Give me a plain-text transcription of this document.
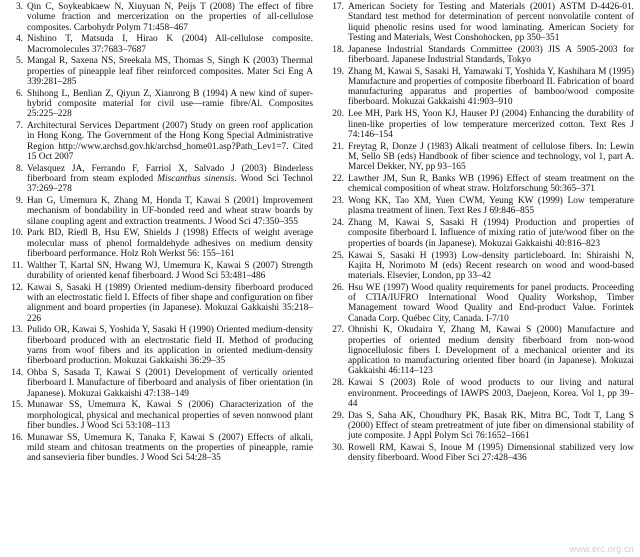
3. Qin C, Soykeabkaew N, Xiuyuan N, Peijs T (2008) The effect of fibre volume fraction and mercerization on the properties of all-cellulose composites. Carbohydr Polym 71:458–467
4. Nishino T, Matsuda I, Hirao K (2004) All-cellulose composite. Macromolecules 37:7683–7687
5. Mangal R, Saxena NS, Sreekala MS, Thomas S, Singh K (2003) Thermal properties of pineapple leaf fiber reinforced composites. Mater Sci Eng A 339:281–285
6. Shihong L, Benlian Z, Qiyun Z, Xianrong B (1994) A new kind of super-hybrid composite material for civil use—ramie fibre/Al. Composites 25:225–228
7. Architectural Services Department (2007) Study on green roof application in Hong Kong. The Government of the Hong Kong Special Administrative Region http://www.archsd.gov.hk/archsd_home01.asp?Path_Lev1=7. Cited 15 Oct 2007
8. Velasquez JA, Ferrando F, Farriol X, Salvado J (2003) Binderless fiberboard from steam exploded Miscanthus sinensis. Wood Sci Technol 37:269–278
9. Han G, Umemura K, Zhang M, Honda T, Kawai S (2001) Improvement mechanism of bondability in UF-bonded reed and wheat straw boards by silane coupling agent and extraction treatments. J Wood Sci 47:350–355
10. Park BD, Riedl B, Hsu EW, Shields J (1998) Effects of weight average molecular mass of phenol formaldehyde adhesives on medium density fiberboard performance. Holz Roh Werkst 56: 155–161
11. Walther T, Kartal SN, Hwang WJ, Umemura K, Kawai S (2007) Strength durability of oriented kenaf fiberboard. J Wood Sci 53:481–486
12. Kawai S, Sasaki H (1989) Oriented medium-density fiberboard produced with an electrostatic field I. Effects of fiber shape and configuration on fiber alignment and board properties (in Japanese). Mokuzai Gakkaishi 35:218–226
13. Pulido OR, Kawai S, Yoshida Y, Sasaki H (1990) Oriented medium-density fiberboard produced with an electrostatic field II. Method of producing yarns from woof fibers and its application in oriented medium-density fiberboard production. Mokuzai Gakkaishi 36:29–35
14. Ohba S, Sasada T, Kawai S (2001) Development of vertically oriented fiberboard I. Manufacture of fiberboard and analysis of fiber orientation (in Japanese). Mokuzai Gakkaishi 47:138–149
15. Munawar SS, Umemura K, Kawai S (2006) Characterization of the morphological, physical and mechanical properties of seven nonwood plant fiber bundles. J Wood Sci 53:108–113
16. Munawar SS, Umemura K, Tanaka F, Kawai S (2007) Effects of alkali, mild steam and chitosan treatments on the properties of pineapple, ramie and sansevieria fiber bundles. J Wood Sci 54:28–35
17. American Society for Testing and Materials (2001) ASTM D-4426-01. Standard test method for determination of percent nonvolatile content of liquid phenolic resins used for wood laminating. American Society for Testing and Materials, West Conshohocken, pp 350–351
18. Japanese Industrial Standards Committee (2003) JIS A 5905-2003 for fiberboard. Japanese Industrial Standards, Tokyo
19. Zhang M, Kawai S, Sasaki H, Yamawaki T, Yoshida Y, Kashihara M (1995) Manufacture and properties of composite fiberboard II. Fabrication of board manufacturing apparatus and properties of bamboo/wood composite fiberboard. Mokuzai Gakkaishi 41:903–910
20. Lee MH, Park HS, Yoon KJ, Hauser PJ (2004) Enhancing the durability of linen-like properties of low temperature mercerized cotton. Text Res J 74:146–154
21. Freytag R, Donze J (1983) Alkali treatment of cellulose fibers. In: Lewin M, Sello SB (eds) Handbook of fiber science and technology, vol 1, part A. Marcel Dekker, NY, pp 93–165
22. Lawther JM, Sun R, Banks WB (1996) Effect of steam treatment on the chemical composition of wheat straw. Holzforschung 50:365–371
23. Wong KK, Tao XM, Yuen CWM, Yeung KW (1999) Low temperature plasma treatment of linen. Text Res J 69:846–855
24. Zhang M, Kawai S, Sasaki H (1994) Production and properties of composite fiberboard I. Influence of mixing ratio of jute/wood fiber on the properties of boards (in Japanese). Mokuzai Gakkaishi 40:816–823
25. Kawai S, Sasaki H (1993) Low-density particleboard. In: Shiraishi N, Kajita H, Norimoto M (eds) Recent research on wood and wood-based materials. Elsevier, London, pp 33–42
26. Hsu WE (1997) Wood quality requirements for panel products. Proceeding of CTIA/IUFRO International Wood Quality Workshop, Timber Management toward Wood Quality and End-product Value. Forintek Canada Corp. Québec City, Canada. I-7/10
27. Ohnishi K, Okudaira Y, Zhang M, Kawai S (2000) Manufacture and properties of oriented medium density fiberboard from non-wood lignocellulosic fibers I. Development of a mechanical orienter and its application to manufacturing oriented fiber board (in Japanese). Mokuzai Gakkaishi 46:114–123
28. Kawai S (2003) Role of wood products to our living and natural environment. Proceedings of IAWPS 2003, Daejeon, Korea. Vol 1, pp 39–44
29. Das S, Saha AK, Choudhury PK, Basak RK, Mitra BC, Todt T, Lang S (2000) Effect of steam pretreatment of jute fiber on dimensional stability of jute composite. J Appl Polym Sci 76:1652–1661
30. Rowell RM, Kawai S, Inoue M (1995) Dimensional stabilized very low density fiberboard. Wood Fiber Sci 27:428–436
www.erc.org.cn
